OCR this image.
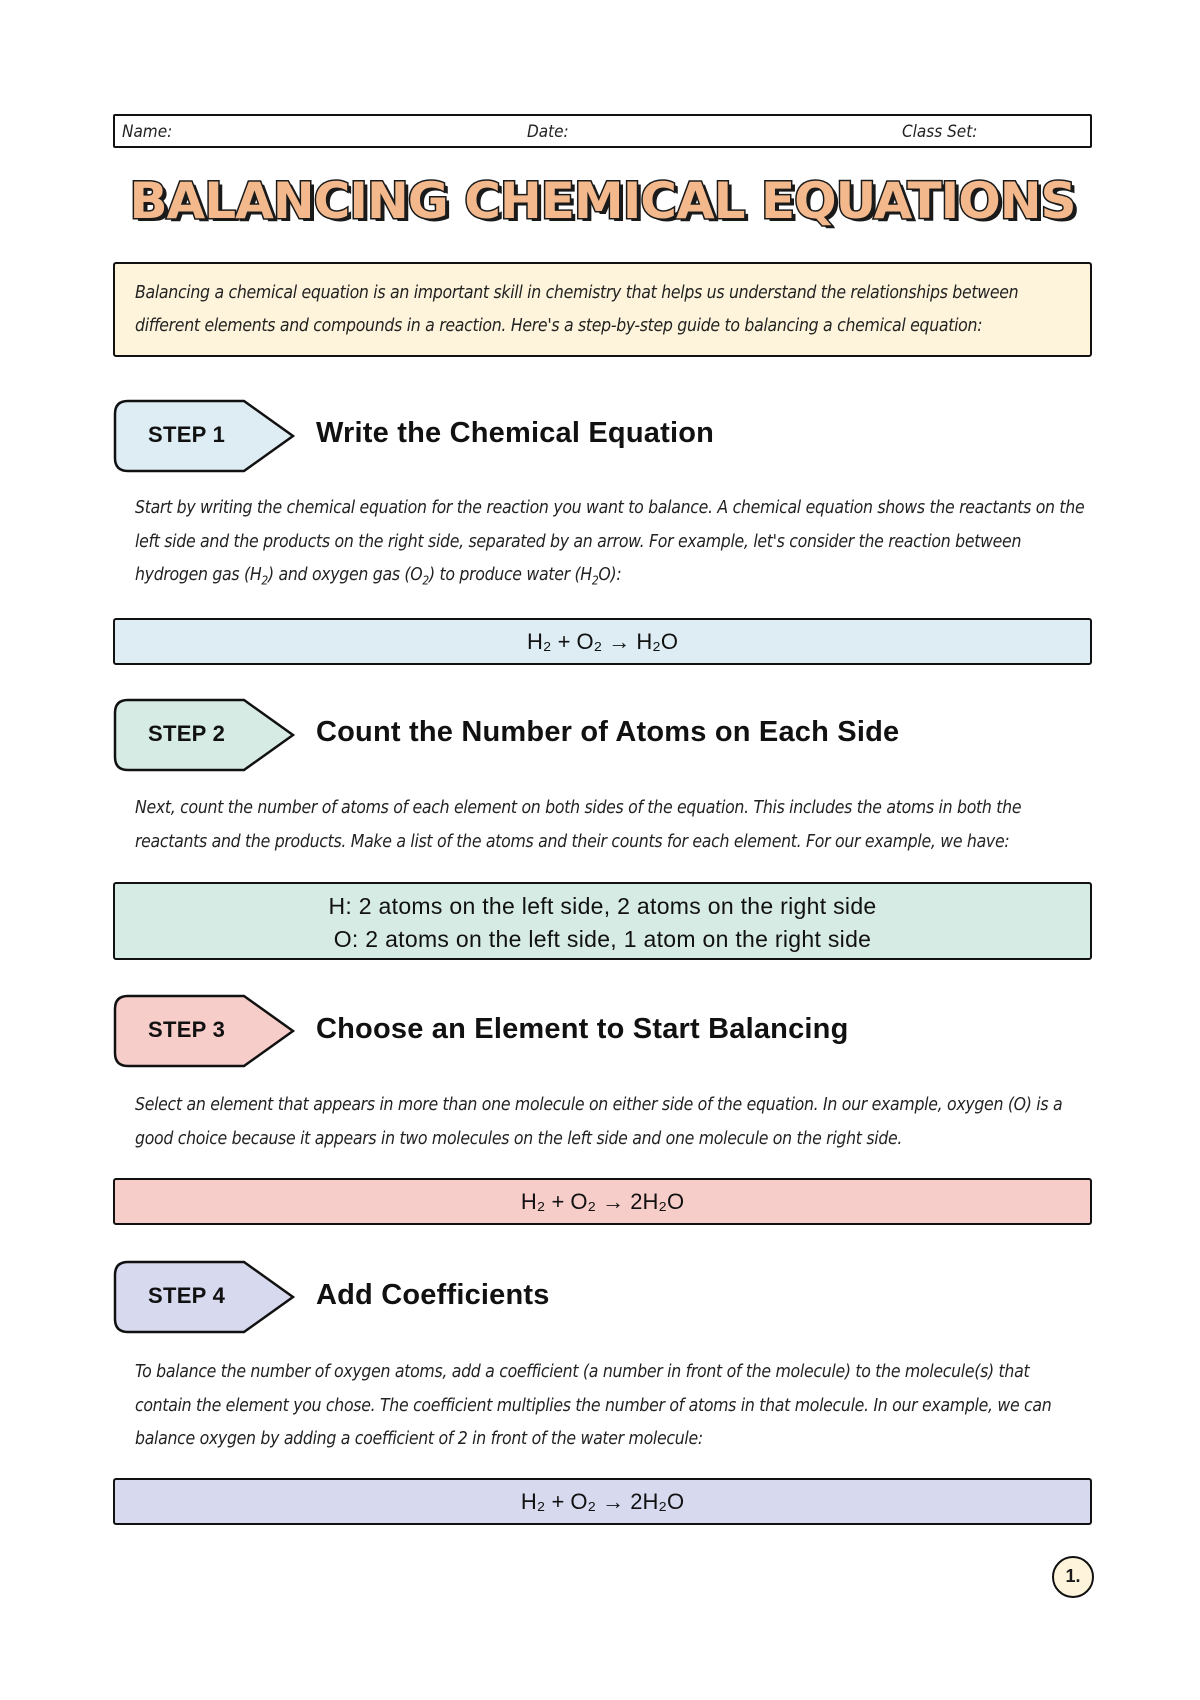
Name:	Date:	Class Set:
BALANCING CHEMICAL EQUATIONS

Balancing a chemical equation is an important skill in chemistry that helps us understand the relationships between different elements and compounds in a reaction. Here's a step-by-step guide to balancing a chemical equation:

STEP 1	Write the Chemical Equation
Start by writing the chemical equation for the reaction you want to balance. A chemical equation shows the reactants on the left side and the products on the right side, separated by an arrow. For example, let's consider the reaction between hydrogen gas $(H_2)$ and oxygen gas $(O_2)$ to produce water $(H_2O)$:
H₂ + O₂ → H₂O
STEP 2	Count the Number of Atoms on Each Side
Next, count the number of atoms of each element on both sides of the equation. This includes the atoms in both the reactants and the products. Make a list of the atoms and their counts for each element. For our example, we have:
H: 2 atoms on the left side, 2 atoms on the right side
O: 2 atoms on the left side, 1 atom on the right side
STEP 3	Choose an Element to Start Balancing
Select an element that appears in more than one molecule on either side of the equation. In our example, oxygen (O) is a good choice because it appears in two molecules on the left side and one molecule on the right side.
H₂ + O₂ → 2H₂O
STEP 4	Add Coefficients
To balance the number of oxygen atoms, add a coefficient (a number in front of the molecule) to the molecule(s) that contain the element you chose. The coefficient multiplies the number of atoms in that molecule. In our example, we can balance oxygen by adding a coefficient of 2 in front of the water molecule:
H₂ + O₂ → 2H₂O
1.
